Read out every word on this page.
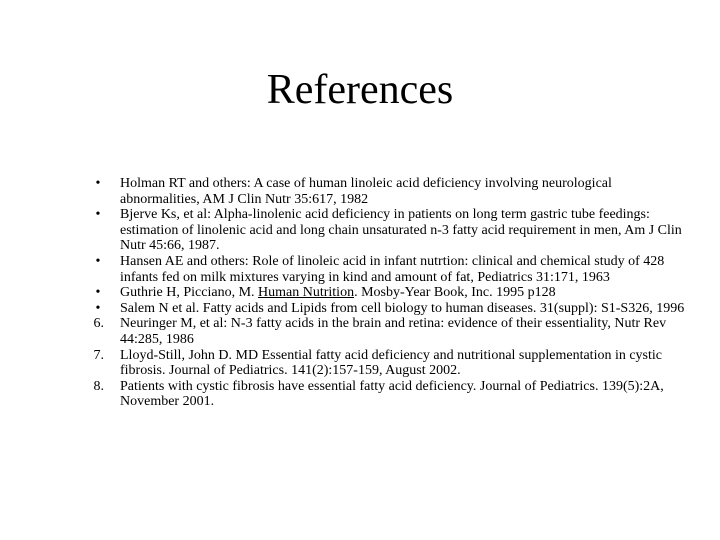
References
•	Holman RT and others: A case of human linoleic acid deficiency involving neurological abnormalities, AM J Clin Nutr 35:617, 1982
•	Bjerve Ks, et al: Alpha-linolenic acid deficiency in patients on long term gastric tube feedings: estimation of linolenic acid and long chain unsaturated n-3 fatty acid requirement in men, Am J Clin Nutr 45:66, 1987.
•	Hansen AE and others: Role of linoleic acid in infant nutrtion: clinical and chemical study of 428 infants fed on milk mixtures varying in kind and amount of fat, Pediatrics 31:171, 1963
•	Guthrie H, Picciano, M. Human Nutrition. Mosby-Year Book, Inc. 1995 p128
•	Salem N et al. Fatty acids and Lipids from cell biology to human diseases. 31(suppl): S1-S326, 1996
6.	Neuringer M, et al: N-3 fatty acids in the brain and retina: evidence of their essentiality, Nutr Rev 44:285, 1986
7.	Lloyd-Still, John D. MD Essential fatty acid deficiency and nutritional supplementation in cystic fibrosis. Journal of Pediatrics. 141(2):157-159, August 2002.
8.	Patients with cystic fibrosis have essential fatty acid deficiency. Journal of Pediatrics. 139(5):2A, November 2001.
